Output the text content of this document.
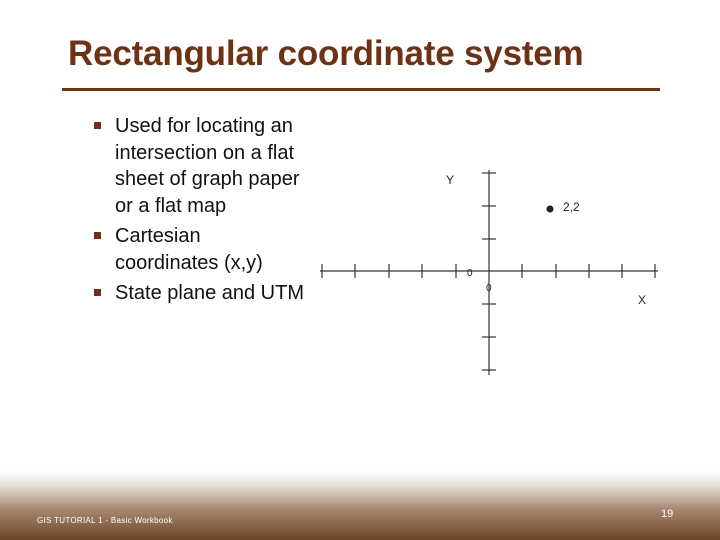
Rectangular coordinate system
Used for locating an intersection on a flat sheet of graph paper or a flat map
Cartesian coordinates (x,y)
State plane and UTM
2,2
Y
X
0
0
GIS TUTORIAL 1 - Basic Workbook
19
